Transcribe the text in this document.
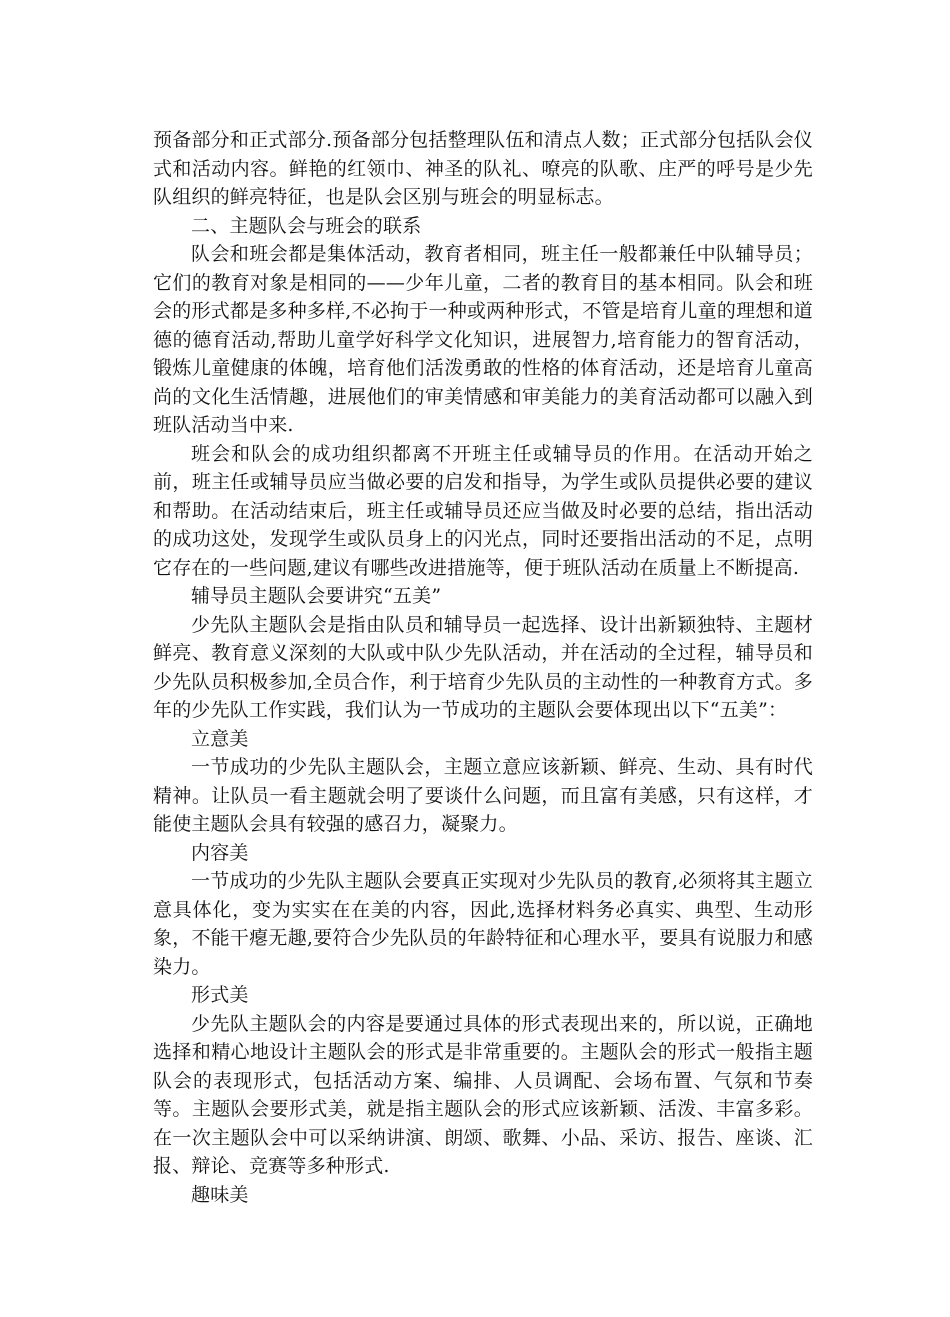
预备部分和正式部分.预备部分包括整理队伍和清点人数；正式部分包括队会仪式和活动内容。鲜艳的红领巾、神圣的队礼、嘹亮的队歌、庄严的呼号是少先队组织的鲜亮特征，也是队会区别与班会的明显标志。

二、主题队会与班会的联系

队会和班会都是集体活动，教育者相同，班主任一般都兼任中队辅导员；它们的教育对象是相同的——少年儿童，二者的教育目的基本相同。队会和班会的形式都是多种多样,不必拘于一种或两种形式，不管是培育儿童的理想和道德的德育活动,帮助儿童学好科学文化知识，进展智力,培育能力的智育活动，锻炼儿童健康的体魄，培育他们活泼勇敢的性格的体育活动，还是培育儿童高尚的文化生活情趣，进展他们的审美情感和审美能力的美育活动都可以融入到班队活动当中来.

班会和队会的成功组织都离不开班主任或辅导员的作用。在活动开始之前，班主任或辅导员应当做必要的启发和指导，为学生或队员提供必要的建议和帮助。在活动结束后，班主任或辅导员还应当做及时必要的总结，指出活动的成功这处，发现学生或队员身上的闪光点，同时还要指出活动的不足，点明它存在的一些问题,建议有哪些改进措施等，便于班队活动在质量上不断提高.

辅导员主题队会要讲究“五美”

少先队主题队会是指由队员和辅导员一起选择、设计出新颖独特、主题材鲜亮、教育意义深刻的大队或中队少先队活动，并在活动的全过程，辅导员和少先队员积极参加,全员合作，利于培育少先队员的主动性的一种教育方式。多年的少先队工作实践，我们认为一节成功的主题队会要体现出以下“五美”：

立意美

一节成功的少先队主题队会，主题立意应该新颖、鲜亮、生动、具有时代精神。让队员一看主题就会明了要谈什么问题，而且富有美感，只有这样，才能使主题队会具有较强的感召力，凝聚力。

内容美

一节成功的少先队主题队会要真正实现对少先队员的教育,必须将其主题立意具体化，变为实实在在美的内容，因此,选择材料务必真实、典型、生动形象，不能干瘪无趣,要符合少先队员的年龄特征和心理水平，要具有说服力和感染力。

形式美

少先队主题队会的内容是要通过具体的形式表现出来的，所以说，正确地选择和精心地设计主题队会的形式是非常重要的。主题队会的形式一般指主题队会的表现形式，包括活动方案、编排、人员调配、会场布置、气氛和节奏等。主题队会要形式美，就是指主题队会的形式应该新颖、活泼、丰富多彩。在一次主题队会中可以采纳讲演、朗颂、歌舞、小品、采访、报告、座谈、汇报、辩论、竞赛等多种形式.

趣味美
